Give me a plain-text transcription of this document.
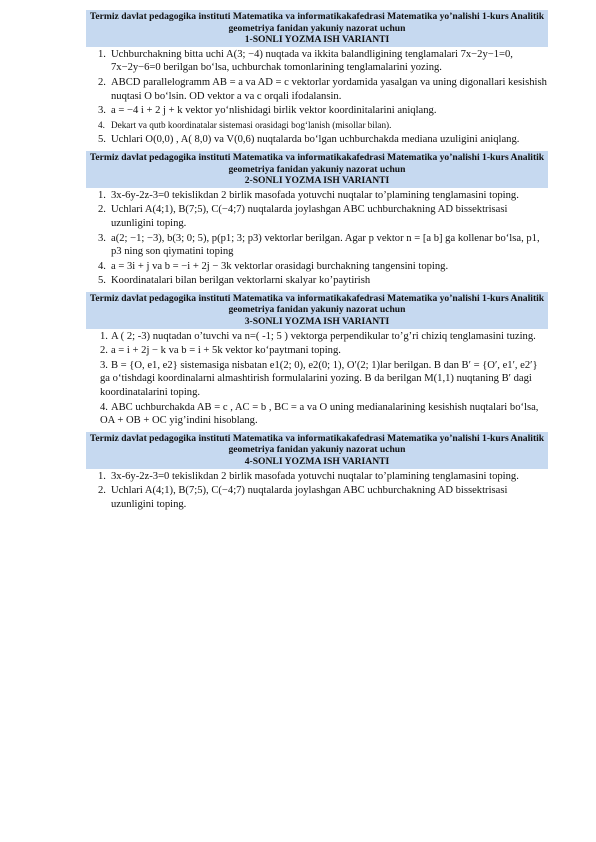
Termiz davlat pedagogika instituti Matematika va informatikakafedrasi Matematika yo’nalishi 1-kurs Analitik geometriya fanidan yakuniy nazorat uchun
1-SONLI YOZMA ISH VARIANTI
1. Uchburchakning bitta uchi A(3; −4) nuqtada va ikkita balandligining tenglamalari 7x−2y−1=0, 7x−2y−6=0 berilgan bo‘lsa, uchburchak tomonlarining tenglamalarini yozing.
2. ABCD parallelogramm AB = a va AD = c vektorlar yordamida yasalgan va uning digonallari kesishish nuqtasi O bo‘lsin. OD vektor a va c orqali ifodalansin.
3. a = −4 i + 2 j + k vektor yo‘nlishidagi birlik vektor koordinitalarini aniqlang.
4. Dekart va qutb koordinatalar sistemasi orasidagi bog‘lanish (misollar bilan).
5. Uchlari O(0,0) , A( 8,0) va V(0,6) nuqtalarda bo‘lgan uchburchakda mediana uzuligini aniqlang.
Termiz davlat pedagogika instituti Matematika va informatikakafedrasi Matematika yo’nalishi 1-kurs Analitik geometriya fanidan yakuniy nazorat uchun
2-SONLI YOZMA ISH VARIANTI
1. 3x-6y-2z-3=0 tekislikdan 2 birlik masofada yotuvchi nuqtalar to’plamining tenglamasini toping.
2. Uchlari A(4;1), B(7;5), C(−4;7) nuqtalarda joylashgan ABC uchburchakning AD bissektrisasi uzunligini toping.
3. a(2; −1; −3), b(3; 0; 5), p(p1; 3; p3) vektorlar berilgan. Agar p vektor n = [a b] ga kollenar bo‘lsa, p1, p3 ning son qiymatini toping
4. a = 3i + j va b = −i + 2j − 3k vektorlar orasidagi burchakning tangensini toping.
5. Koordinatalari bilan berilgan vektorlarni skalyar ko’paytirish
Termiz davlat pedagogika instituti Matematika va informatikakafedrasi Matematika yo’nalishi 1-kurs Analitik geometriya fanidan yakuniy nazorat uchun
3-SONLI YOZMA ISH VARIANTI
1. A ( 2; -3) nuqtadan o’tuvchi va n=( -1; 5 ) vektorga perpendikular to’g’ri chiziq tenglamasini tuzing.
2. a = i + 2j − k va b = i + 5k vektor ko‘paytmani toping.
3. B = {O, e1, e2} sistemasiga nisbatan e1(2; 0), e2(0; 1), O′(2; 1)lar berilgan. B dan B′ = {O′, e1′, e2′} ga o‘tishdagi koordinalarni almashtirish formulalarini yozing. B da berilgan M(1,1) nuqtaning B′ dagi koordinatalarini toping.
4. ABC uchburchakda AB = c , AC = b , BC = a va O uning medianalarining kesishish nuqtalari bo‘lsa, OA + OB + OC yig’indini hisoblang.
Termiz davlat pedagogika instituti Matematika va informatikakafedrasi Matematika yo’nalishi 1-kurs Analitik geometriya fanidan yakuniy nazorat uchun
4-SONLI YOZMA ISH VARIANTI
1. 3x-6y-2z-3=0 tekislikdan 2 birlik masofada yotuvchi nuqtalar to’plamining tenglamasini toping.
2. Uchlari A(4;1), B(7;5), C(−4;7) nuqtalarda joylashgan ABC uchburchakning AD bissektrisasi uzunligini toping.
